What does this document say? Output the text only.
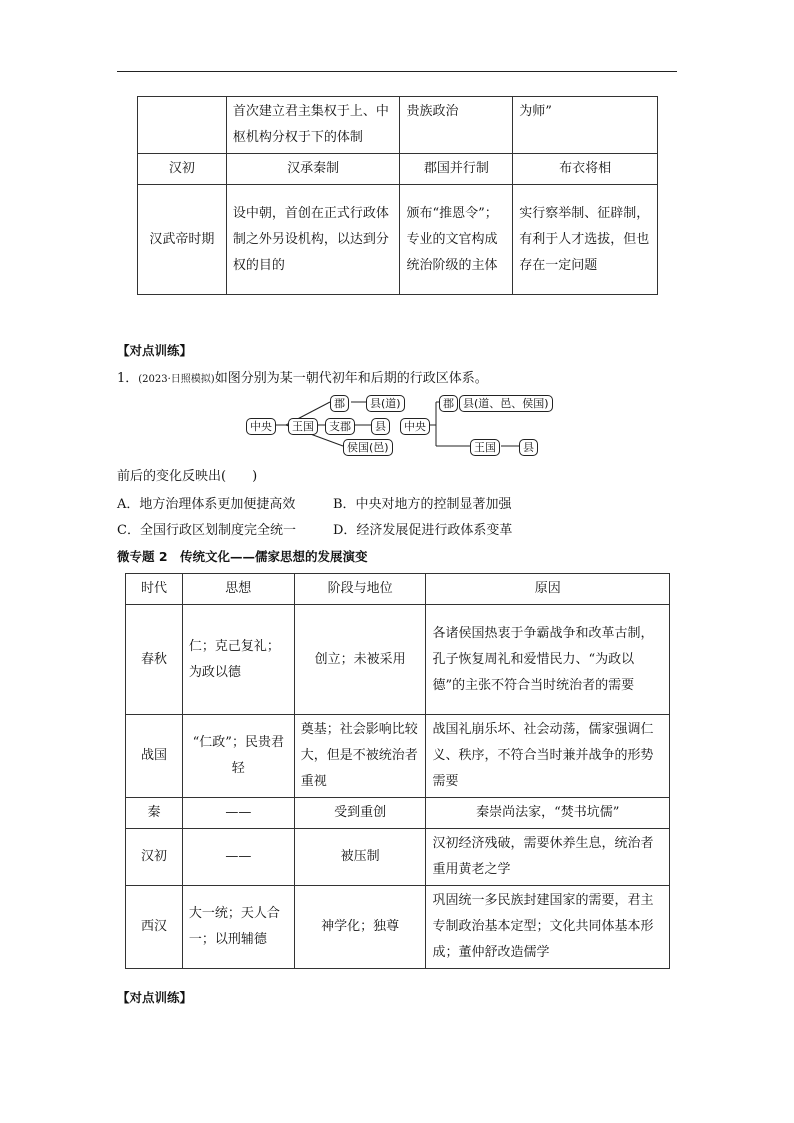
	首次建立君主集权于上、中枢机构分权于下的体制	贵族政治	为师”
汉初	汉承秦制	郡国并行制	布衣将相
汉武帝时期	设中朝，首创在正式行政体制之外另设机构，以达到分权的目的	颁布“推恩令”；专业的文官构成统治阶级的主体	实行察举制、征辟制，有利于人才选拔，但也存在一定问题
【对点训练】
1．(2023·日照模拟)如图分别为某一朝代初年和后期的行政区体系。
中央
郡	县(道)
王国	支郡	县
侯国(邑)
中央
郡 县(道、邑、侯国)
王国	县
前后的变化反映出(　　)
A．地方治理体系更加便捷高效	B．中央对地方的控制显著加强
C．全国行政区划制度完全统一	D．经济发展促进行政体系变革
微专题 2　传统文化——儒家思想的发展演变
时代	思想	阶段与地位	原因
春秋	仁；克己复礼；为政以德	创立；未被采用	各诸侯国热衷于争霸战争和改革古制，孔子恢复周礼和爱惜民力、“为政以德”的主张不符合当时统治者的需要
战国	“仁政”；民贵君轻	奠基；社会影响比较大，但是不被统治者重视	战国礼崩乐坏、社会动荡，儒家强调仁义、秩序，不符合当时兼并战争的形势需要
秦	——	受到重创	秦崇尚法家，“焚书坑儒”
汉初	——	被压制	汉初经济残破，需要休养生息，统治者重用黄老之学
西汉	大一统；天人合一；以刑辅德	神学化；独尊	巩固统一多民族封建国家的需要，君主专制政治基本定型；文化共同体基本形成；董仲舒改造儒学
【对点训练】
